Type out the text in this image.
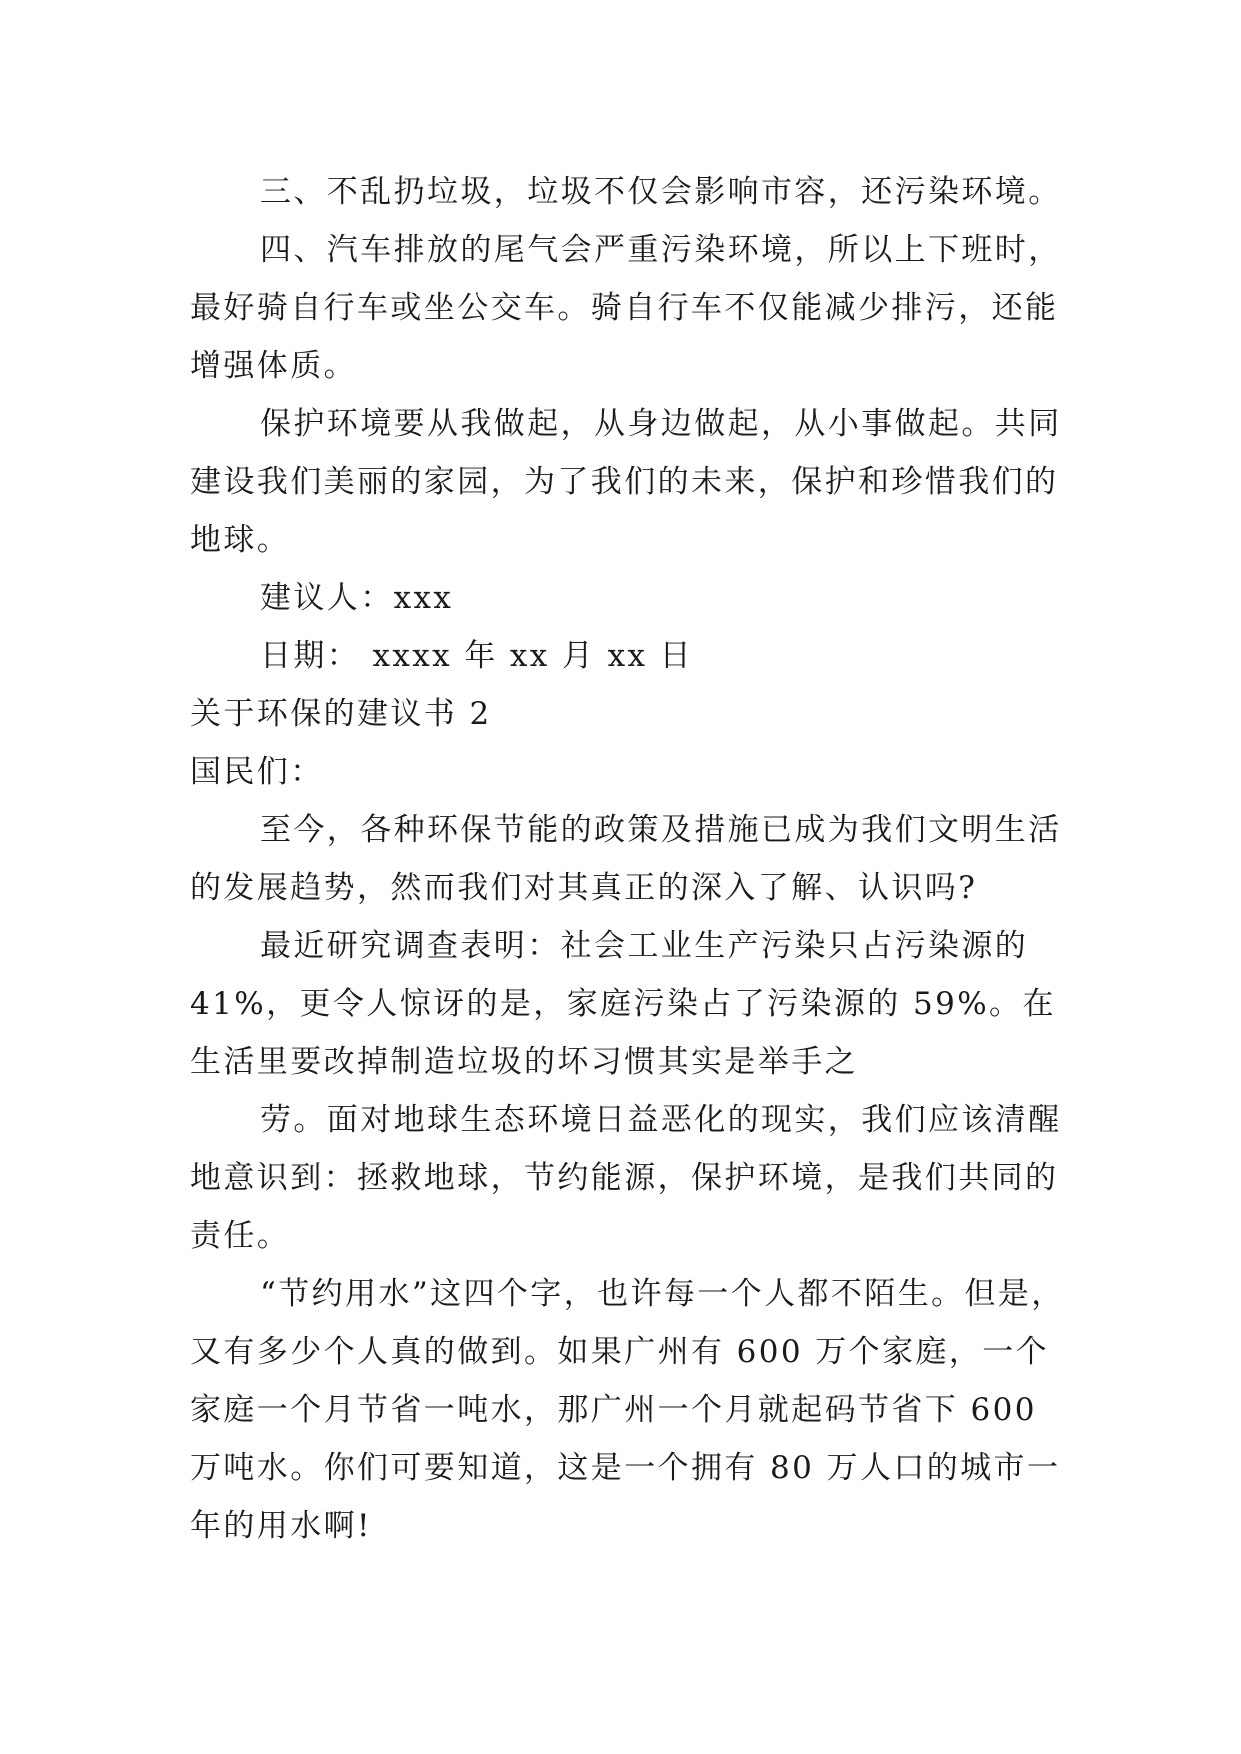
三、不乱扔垃圾，垃圾不仅会影响市容，还污染环境。

四、汽车排放的尾气会严重污染环境，所以上下班时，最好骑自行车或坐公交车。骑自行车不仅能减少排污，还能增强体质。

保护环境要从我做起，从身边做起，从小事做起。共同建设我们美丽的家园，为了我们的未来，保护和珍惜我们的地球。

建议人：xxx

日期： xxxx 年 xx 月 xx 日

关于环保的建议书 2

国民们：

至今，各种环保节能的政策及措施已成为我们文明生活的发展趋势，然而我们对其真正的深入了解、认识吗?

最近研究调查表明：社会工业生产污染只占污染源的41%，更令人惊讶的是，家庭污染占了污染源的 59%。在生活里要改掉制造垃圾的坏习惯其实是举手之

劳。面对地球生态环境日益恶化的现实，我们应该清醒地意识到：拯救地球，节约能源，保护环境，是我们共同的责任。

“节约用水”这四个字，也许每一个人都不陌生。但是，又有多少个人真的做到。如果广州有 600 万个家庭，一个家庭一个月节省一吨水，那广州一个月就起码节省下 600 万吨水。你们可要知道，这是一个拥有 80 万人口的城市一年的用水啊!
